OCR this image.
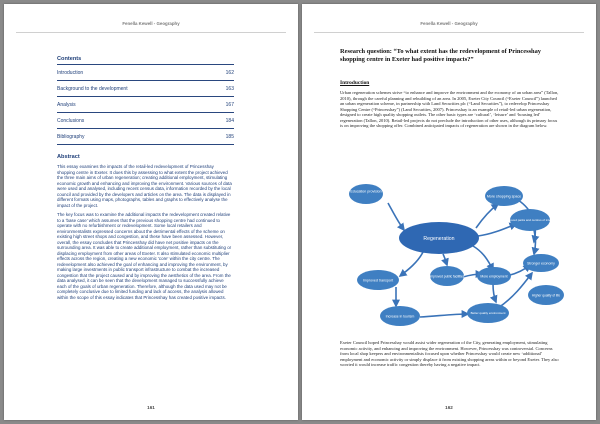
Fenella Kewell - Geography
Contents
Introduction	162
Background to the development	163
Analysis	167
Conclusions	184
Bibliography	185
Abstract

This essay examines the impacts of the retail-led redevelopment of Princesshay shopping centre in Exeter. It does this by assessing to what extent the project achieved the three main aims of urban regeneration; creating additional employment, stimulating economic growth and enhancing and improving the environment. Various sources of data were used and analysed, including recent census data, information recorded by the local council and provided by the developers and articles on the area. The data is displayed in different formats using maps, photographs, tables and graphs to effectively analyse the impact of the project.

The key focus was to examine the additional impacts the redevelopment created relative to a 'base case' which assumes that the previous shopping centre had continued to operate with no refurbishment or redevelopment. Some local retailers and environmentalists expressed concerns about the detrimental effects of the scheme on existing high street shops and congestion, and these have been assessed. However, overall, the essay concludes that Princesshay did have net positive impacts on the surrounding area. It was able to create additional employment, rather than substituting or displacing employment from other areas of Exeter. It also stimulated economic multiplier effects across the region, creating a new economic 'core' within the city centre. The redevelopment also achieved the goal of enhancing and improving the environment, by making large investments in public transport infrastructure to combat the increased congestion that the project caused and by improving the aesthetics of the area. From the data analysed, it can be seen that the development managed to successfully achieve each of the goals of urban regeneration. Therefore, although the data used may not be completely conclusive due to limited funding and lack of access, the analysis allowed within the scope of this essay indicates that Princesshay has created positive impacts.

161
Fenella Kewell - Geography
Research question: “To what extent has the redevelopment of Princesshay shopping centre in Exeter had positive impacts?”
Introduction
Urban regeneration schemes strive “to enhance and improve the environment and the economy of an urban area” (Tallon, 2010), through the careful planning and rebuilding of an area. In 2005, Exeter City Council (“Exeter Council”) launched an urban regeneration scheme, in partnership with Land Securities plc (“Land Securities”), to redevelop Princesshay Shopping Centre (“Princesshay”) (Land Securities, 2007). Princesshay is an example of retail-led urban regeneration, designed to create high quality shopping outlets. The other basic types are ‘cultural’, ‘leisure’ and ‘housing led’ regeneration (Tallon, 2010). Retail-led projects do not preclude the introduction of other uses, although its primary focus is on improving the shopping offer. Combined anticipated impacts of regeneration are shown in the diagram below.
Education provision
Regeneration
More shopping space
Improved parks and centres of interest
Improved transport
Improved public facilities	More employment
Stronger economy
Increase in tourism
Better quality environment
Higher quality of life
Exeter Council hoped Princesshay would assist wider regeneration of the City, generating employment, stimulating economic activity, and enhancing and improving the environment. However, Princesshay was controversial. Concerns from local shop keepers and environmentalists focused upon whether Princesshay would create new ‘additional’ employment and economic activity or simply displace it from existing shopping areas within or beyond Exeter. They also worried it would increase traffic congestion thereby having a negative impact.
162
